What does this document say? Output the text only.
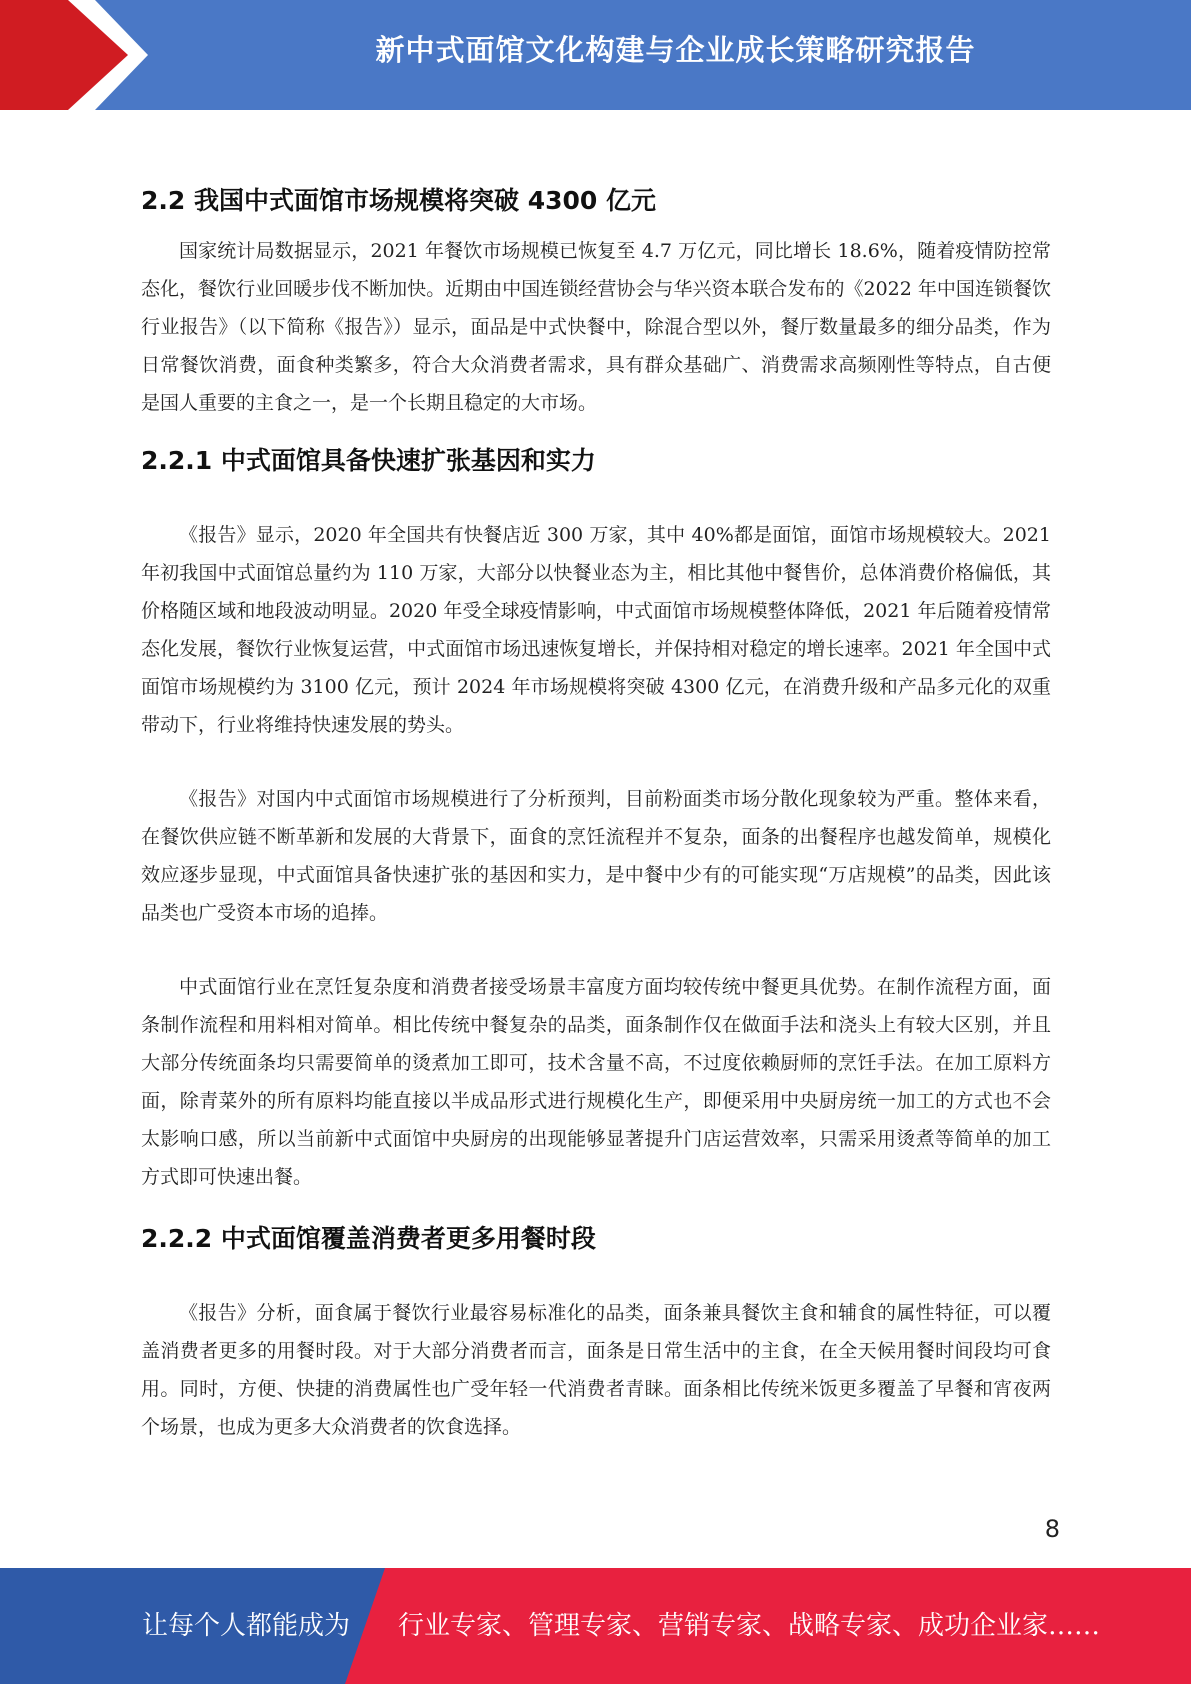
新中式面馆文化构建与企业成长策略研究报告
2.2 我国中式面馆市场规模将突破 4300 亿元

国家统计局数据显示，2021 年餐饮市场规模已恢复至 4.7 万亿元，同比增长 18.6%，随着疫情防控常态化，餐饮行业回暖步伐不断加快。近期由中国连锁经营协会与华兴资本联合发布的《2022 年中国连锁餐饮行业报告》（以下简称《报告》）显示，面品是中式快餐中，除混合型以外，餐厅数量最多的细分品类，作为日常餐饮消费，面食种类繁多，符合大众消费者需求，具有群众基础广、消费需求高频刚性等特点，自古便是国人重要的主食之一，是一个长期且稳定的大市场。

2.2.1 中式面馆具备快速扩张基因和实力

《报告》显示，2020 年全国共有快餐店近 300 万家，其中 40%都是面馆，面馆市场规模较大。2021 年初我国中式面馆总量约为 110 万家，大部分以快餐业态为主，相比其他中餐售价，总体消费价格偏低，其价格随区域和地段波动明显。2020 年受全球疫情影响，中式面馆市场规模整体降低，2021 年后随着疫情常态化发展，餐饮行业恢复运营，中式面馆市场迅速恢复增长，并保持相对稳定的增长速率。2021 年全国中式面馆市场规模约为 3100 亿元，预计 2024 年市场规模将突破 4300 亿元，在消费升级和产品多元化的双重带动下，行业将维持快速发展的势头。

《报告》对国内中式面馆市场规模进行了分析预判，目前粉面类市场分散化现象较为严重。整体来看，在餐饮供应链不断革新和发展的大背景下，面食的烹饪流程并不复杂，面条的出餐程序也越发简单，规模化效应逐步显现，中式面馆具备快速扩张的基因和实力，是中餐中少有的可能实现“万店规模”的品类，因此该品类也广受资本市场的追捧。

中式面馆行业在烹饪复杂度和消费者接受场景丰富度方面均较传统中餐更具优势。在制作流程方面，面条制作流程和用料相对简单。相比传统中餐复杂的品类，面条制作仅在做面手法和浇头上有较大区别，并且大部分传统面条均只需要简单的烫煮加工即可，技术含量不高，不过度依赖厨师的烹饪手法。在加工原料方面，除青菜外的所有原料均能直接以半成品形式进行规模化生产，即便采用中央厨房统一加工的方式也不会太影响口感，所以当前新中式面馆中央厨房的出现能够显著提升门店运营效率，只需采用烫煮等简单的加工方式即可快速出餐。

2.2.2 中式面馆覆盖消费者更多用餐时段

《报告》分析，面食属于餐饮行业最容易标准化的品类，面条兼具餐饮主食和辅食的属性特征，可以覆盖消费者更多的用餐时段。对于大部分消费者而言，面条是日常生活中的主食，在全天候用餐时间段均可食用。同时，方便、快捷的消费属性也广受年轻一代消费者青睐。面条相比传统米饭更多覆盖了早餐和宵夜两个场景，也成为更多大众消费者的饮食选择。

8
让每个人都能成为 行业专家、管理专家、营销专家、战略专家、成功企业家……
